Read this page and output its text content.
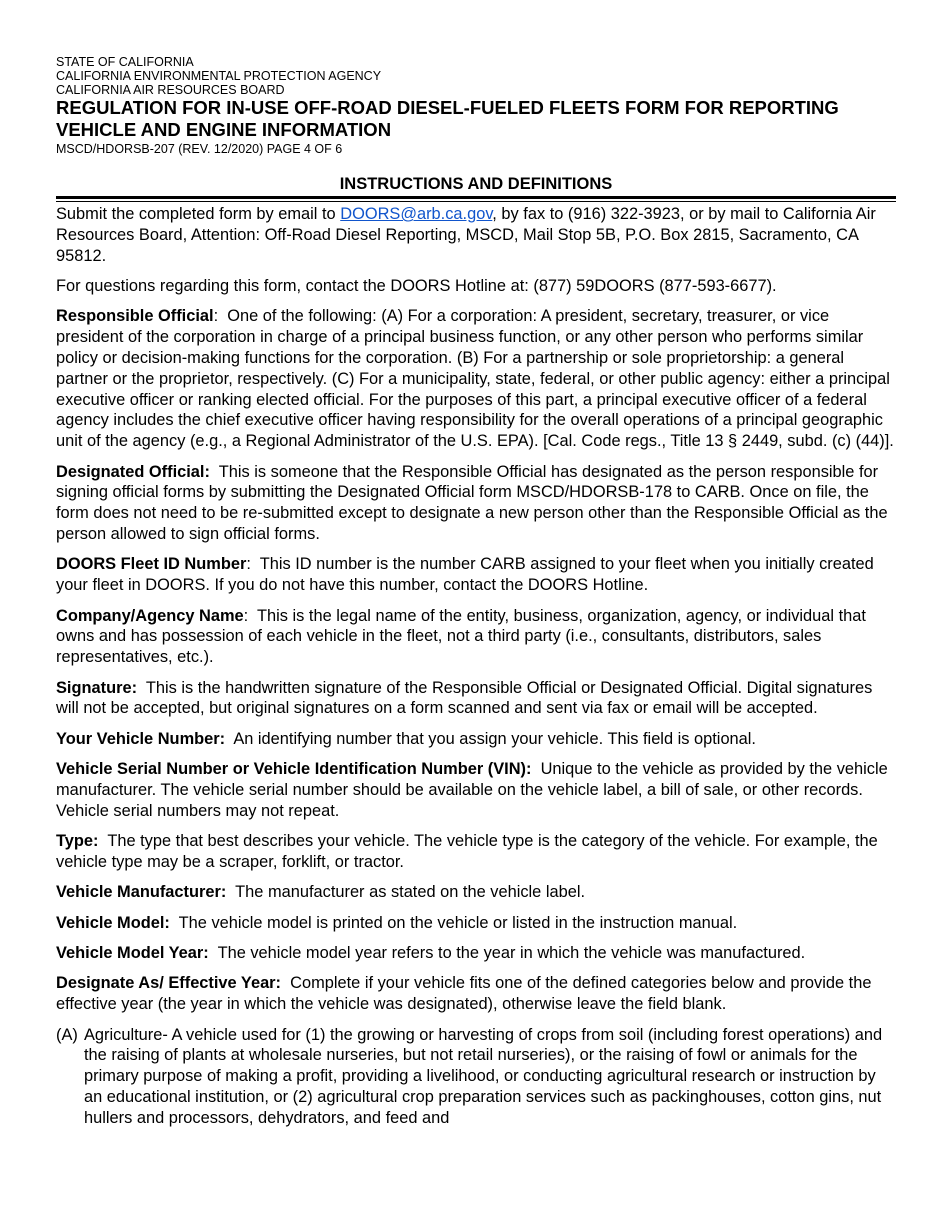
STATE OF CALIFORNIA
CALIFORNIA ENVIRONMENTAL PROTECTION AGENCY
CALIFORNIA AIR RESOURCES BOARD
REGULATION FOR IN-USE OFF-ROAD DIESEL-FUELED FLEETS FORM FOR REPORTING VEHICLE AND ENGINE INFORMATION
MSCD/HDORSB-207 (REV. 12/2020) PAGE 4 OF 6
INSTRUCTIONS AND DEFINITIONS

Submit the completed form by email to DOORS@arb.ca.gov, by fax to (916) 322-3923, or by mail to California Air Resources Board, Attention: Off-Road Diesel Reporting, MSCD, Mail Stop 5B, P.O. Box 2815, Sacramento, CA 95812.

For questions regarding this form, contact the DOORS Hotline at: (877) 59DOORS (877-593-6677).

Responsible Official:  One of the following: (A) For a corporation: A president, secretary, treasurer, or vice president of the corporation in charge of a principal business function, or any other person who performs similar policy or decision-making functions for the corporation. (B) For a partnership or sole proprietorship: a general partner or the proprietor, respectively. (C) For a municipality, state, federal, or other public agency: either a principal executive officer or ranking elected official. For the purposes of this part, a principal executive officer of a federal agency includes the chief executive officer having responsibility for the overall operations of a principal geographic unit of the agency (e.g., a Regional Administrator of the U.S. EPA). [Cal. Code regs., Title 13 § 2449, subd. (c) (44)].

Designated Official: This is someone that the Responsible Official has designated as the person responsible for signing official forms by submitting the Designated Official form MSCD/HDORSB-178 to CARB. Once on file, the form does not need to be re-submitted except to designate a new person other than the Responsible Official as the person allowed to sign official forms.

DOORS Fleet ID Number:  This ID number is the number CARB assigned to your fleet when you initially created your fleet in DOORS. If you do not have this number, contact the DOORS Hotline.

Company/Agency Name:  This is the legal name of the entity, business, organization, agency, or individual that owns and has possession of each vehicle in the fleet, not a third party (i.e., consultants, distributors, sales representatives, etc.).

Signature: This is the handwritten signature of the Responsible Official or Designated Official. Digital signatures will not be accepted, but original signatures on a form scanned and sent via fax or email will be accepted.

Your Vehicle Number: An identifying number that you assign your vehicle. This field is optional.

Vehicle Serial Number or Vehicle Identification Number (VIN): Unique to the vehicle as provided by the vehicle manufacturer. The vehicle serial number should be available on the vehicle label, a bill of sale, or other records. Vehicle serial numbers may not repeat.

Type: The type that best describes your vehicle. The vehicle type is the category of the vehicle. For example, the vehicle type may be a scraper, forklift, or tractor.

Vehicle Manufacturer: The manufacturer as stated on the vehicle label.

Vehicle Model: The vehicle model is printed on the vehicle or listed in the instruction manual.

Vehicle Model Year: The vehicle model year refers to the year in which the vehicle was manufactured.

Designate As/ Effective Year: Complete if your vehicle fits one of the defined categories below and provide the effective year (the year in which the vehicle was designated), otherwise leave the field blank.

(A) Agriculture- A vehicle used for (1) the growing or harvesting of crops from soil (including forest operations) and the raising of plants at wholesale nurseries, but not retail nurseries), or the raising of fowl or animals for the primary purpose of making a profit, providing a livelihood, or conducting agricultural research or instruction by an educational institution, or (2) agricultural crop preparation services such as packinghouses, cotton gins, nut hullers and processors, dehydrators, and feed and
